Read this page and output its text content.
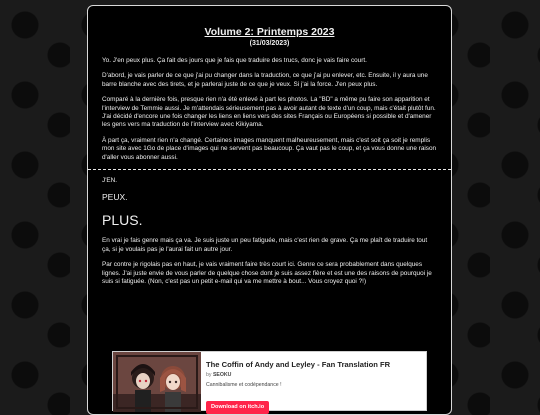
Volume 2: Printemps 2023
(31/03/2023)

Yo. J'en peux plus. Ça fait des jours que je fais que traduire des trucs, donc je vais faire court.

D'abord, je vais parler de ce que j'ai pu changer dans la traduction, ce que j'ai pu enlever, etc. Ensuite, il y aura une barre blanche avec des tirets, et je parlerai juste de ce que je veux. Si j'ai la force. J'en peux plus.

Comparé à la dernière fois, presque rien n'a été enlevé à part les photos. La "BD" a même pu faire son apparition et l'interview de Temmie aussi. Je m'attendais sérieusement pas à avoir autant de texte d'un coup, mais c'était plutôt fun. J'ai décidé d'encore une fois changer les liens en liens vers des sites Français ou Européens si possible et d'amener les gens vers ma traduction de l'interview avec Kikiyama.

À part ça, vraiment rien n'a changé. Certaines images manquent malheureusement, mais c'est soit ça soit je remplis mon site avec 1Go de place d'images qui ne servent pas beaucoup. Ça vaut pas le coup, et ça vous donne une raison d'aller vous abonner aussi.

J'EN.

PEUX.

PLUS.

En vrai je fais genre mais ça va. Je suis juste un peu fatiguée, mais c'est rien de grave. Ça me plaît de traduire tout ça, si je voulais pas je l'aurai fait un autre jour.

Par contre je rigolais pas en haut, je vais vraiment faire très court ici. Genre ce sera probablement dans quelques lignes. J'ai juste envie de vous parler de quelque chose dont je suis assez fière et est une des raisons de pourquoi je suis si fatiguée. (Non, c'est pas un petit e-mail qui va me mettre à bout... Vous croyez quoi ?!)

The Coffin of Andy and Leyley - Fan Translation FR
by SEOKU
Cannibalisme et codépendance !
Download on itch.io
